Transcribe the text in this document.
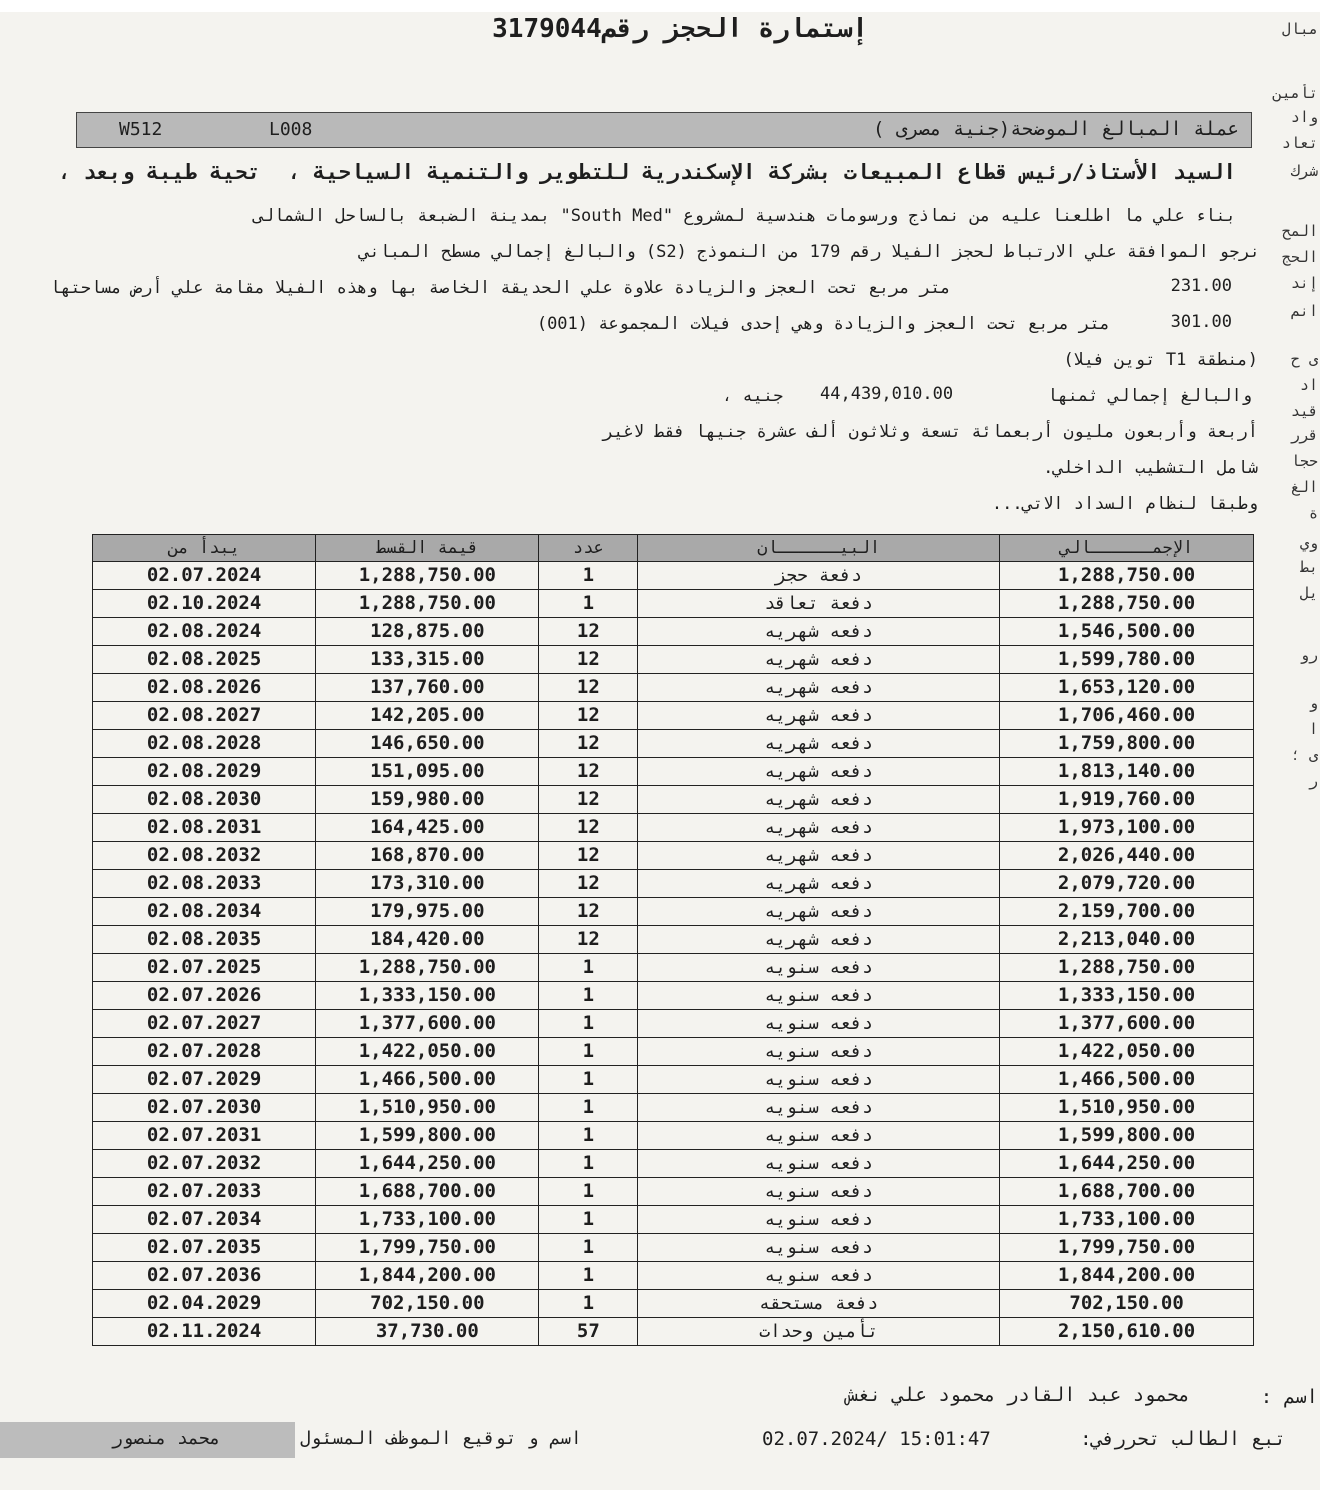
إستمارة الحجز رقم3179044
عملة المبالغ الموضحة(جنية مصرى )
W512	L008
السيد الأستاذ/رئيس قطاع المبيعات بشركة الإسكندرية للتطوير والتنمية السياحية ،
تحية طيبة وبعد ،
بناء علي ما اطلعنا عليه من نماذج ورسومات هندسية لمشروع "South Med" بمدينة الضبعة بالساحل الشمالى
نرجو الموافقة علي الارتباط لحجز الفيلا رقم 179 من النموذج (S2) والبالغ إجمالي مسطح المباني
231.00
متر مربع تحت العجز والزيادة علاوة علي الحديقة الخاصة بها وهذه الفيلا مقامة علي أرض مساحتها
301.00
متر مربع تحت العجز والزيادة وهي إحدى فيلات المجموعة (001)
(منطقة T1 توين فيلا)
والبالغ إجمالي ثمنها
44,439,010.00
جنيه ،
أربعة وأربعون مليون أربعمائة تسعة وثلاثون ألف عشرة جنيها فقط لاغير
شامل التشطيب الداخلي.
وطبقا لنظام السداد الاتي...
يبدأ من	قيمة القسط	عدد	البيــــــان	الإجمــــــالي
02.07.2024	1,288,750.00	1	دفعة حجز	1,288,750.00
02.10.2024	1,288,750.00	1	دفعة تعاقد	1,288,750.00
02.08.2024	128,875.00	12	دفعه شهريه	1,546,500.00
02.08.2025	133,315.00	12	دفعه شهريه	1,599,780.00
02.08.2026	137,760.00	12	دفعه شهريه	1,653,120.00
02.08.2027	142,205.00	12	دفعه شهريه	1,706,460.00
02.08.2028	146,650.00	12	دفعه شهريه	1,759,800.00
02.08.2029	151,095.00	12	دفعه شهريه	1,813,140.00
02.08.2030	159,980.00	12	دفعه شهريه	1,919,760.00
02.08.2031	164,425.00	12	دفعه شهريه	1,973,100.00
02.08.2032	168,870.00	12	دفعه شهريه	2,026,440.00
02.08.2033	173,310.00	12	دفعه شهريه	2,079,720.00
02.08.2034	179,975.00	12	دفعه شهريه	2,159,700.00
02.08.2035	184,420.00	12	دفعه شهريه	2,213,040.00
02.07.2025	1,288,750.00	1	دفعه سنويه	1,288,750.00
02.07.2026	1,333,150.00	1	دفعه سنويه	1,333,150.00
02.07.2027	1,377,600.00	1	دفعه سنويه	1,377,600.00
02.07.2028	1,422,050.00	1	دفعه سنويه	1,422,050.00
02.07.2029	1,466,500.00	1	دفعه سنويه	1,466,500.00
02.07.2030	1,510,950.00	1	دفعه سنويه	1,510,950.00
02.07.2031	1,599,800.00	1	دفعه سنويه	1,599,800.00
02.07.2032	1,644,250.00	1	دفعه سنويه	1,644,250.00
02.07.2033	1,688,700.00	1	دفعه سنويه	1,688,700.00
02.07.2034	1,733,100.00	1	دفعه سنويه	1,733,100.00
02.07.2035	1,799,750.00	1	دفعه سنويه	1,799,750.00
02.07.2036	1,844,200.00	1	دفعه سنويه	1,844,200.00
02.04.2029	702,150.00	1	دفعة مستحقه	702,150.00
02.11.2024	37,730.00	57	تأمين وحدات	2,150,610.00
محمود عبد القادر محمود علي نغش	اسم :
محمد منصور	اسم و توقيع الموظف المسئول	02.07.2024/ 15:01:47	تبع الطالب تحررفي:
مبال
تأمين
واد
تعاد
شرك
المح
الحج
إند
انم
ى ح
اد
قيد
قرر
حجا
الغ
ة
وي
بط
يل
رو
و
ا
ى ؛
ر
